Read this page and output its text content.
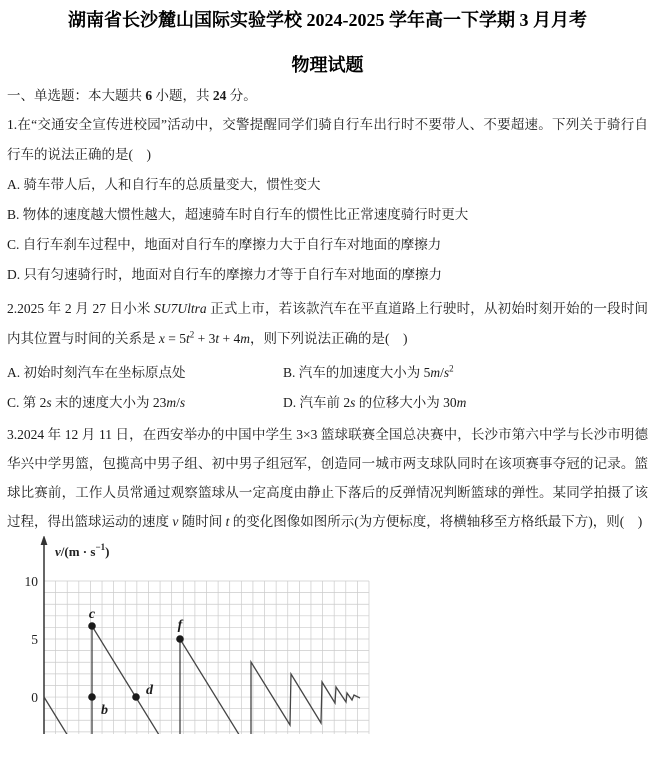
湖南省长沙麓山国际实验学校 2024-2025 学年高一下学期 3 月月考
物理试题
一、单选题：本大题共 6 小题，共 24 分。

1.在“交通安全宣传进校园”活动中，交警提醒同学们骑自行车出行时不要带人、不要超速。下列关于骑行自行车的说法正确的是(　)

A. 骑车带人后，人和自行车的总质量变大，惯性变大

B. 物体的速度越大惯性越大，超速骑车时自行车的惯性比正常速度骑行时更大

C. 自行车刹车过程中，地面对自行车的摩擦力大于自行车对地面的摩擦力

D. 只有匀速骑行时，地面对自行车的摩擦力才等于自行车对地面的摩擦力

2.2025 年 2 月 27 日小米 SU7Ultra 正式上市，若该款汽车在平直道路上行驶时，从初始时刻开始的一段时间内其位置与时间的关系是 $x = 5t^2 + 3t + 4m$，则下列说法正确的是(　)

A. 初始时刻汽车在坐标原点处	B. 汽车的加速度大小为 $5m/s^2$

C. 第 2s 末的速度大小为 23m/s	D. 汽车前 2s 的位移大小为 30m

3.2024 年 12 月 11 日，在西安举办的中国中学生 3×3 篮球联赛全国总决赛中，长沙市第六中学与长沙市明德华兴中学男篮，包揽高中男子组、初中男子组冠军，创造同一城市两支球队同时在该项赛事夺冠的记录。篮球比赛前，工作人员常通过观察篮球从一定高度由静止下落后的反弹情况判断篮球的弹性。某同学拍摄了该过程，得出篮球运动的速度 v 随时间 t 的变化图像如图所示(为方便标度，将横轴移至方格纸最下方)，则(　)

$v/(m \cdot s^{-1})$
10
5
0
b
c
d
f
